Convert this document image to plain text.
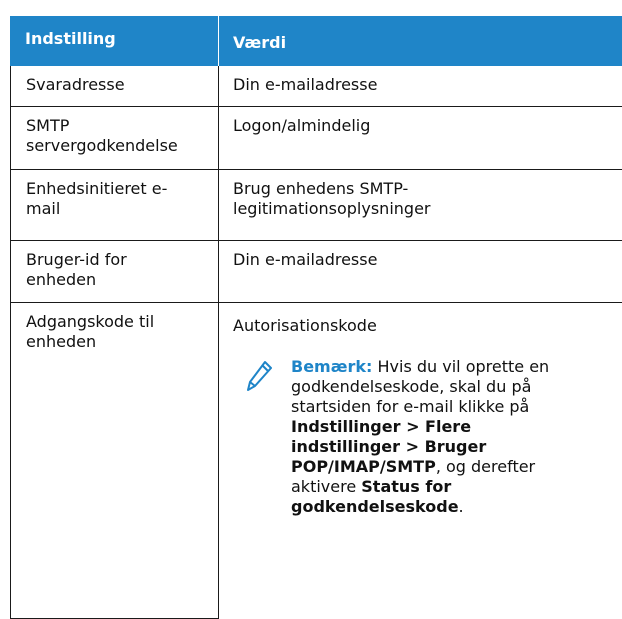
Indstilling	Værdi
Svaradresse	Din e-mailadresse
SMTP servergodkendelse
Logon/almindelig
Enhedsinitieret e-mail
Brug enhedens SMTP-legitimationsoplysninger
Bruger-id for enheden
Din e-mailadresse
Adgangskode til enheden
Autorisationskode
Bemærk: Hvis du vil oprette en godkendelseskode, skal du på startsiden for e-mail klikke på Indstillinger > Flere indstillinger > Bruger POP/IMAP/SMTP, og derefter aktivere Status for godkendelseskode.
